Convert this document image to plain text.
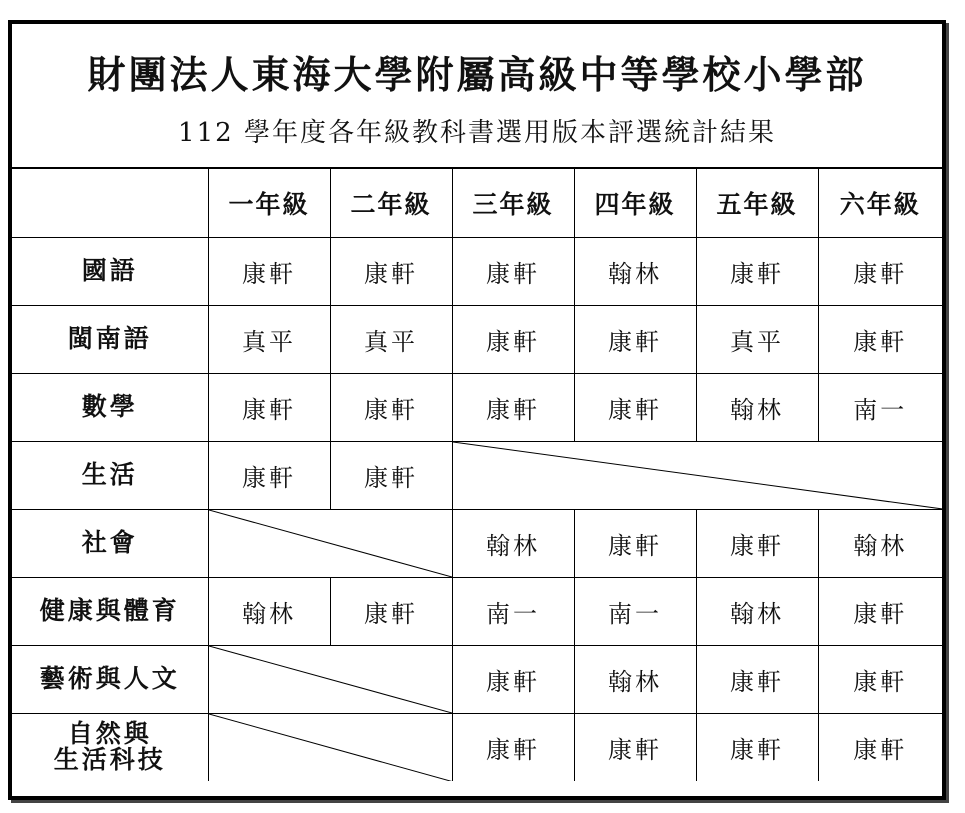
財團法人東海大學附屬高級中等學校小學部
112 學年度各年級教科書選用版本評選統計結果
	一年級	二年級	三年級	四年級	五年級	六年級
國語	康軒	康軒	康軒	翰林	康軒	康軒
閩南語	真平	真平	康軒	康軒	真平	康軒
數學	康軒	康軒	康軒	康軒	翰林	南一
生活	康軒	康軒	

社會			翰林	康軒	康軒	翰林
健康與體育	翰林	康軒	南一	南一	翰林	康軒
藝術與人文			康軒	翰林	康軒	康軒

自然與
生活科技			康軒	康軒	康軒	康軒
